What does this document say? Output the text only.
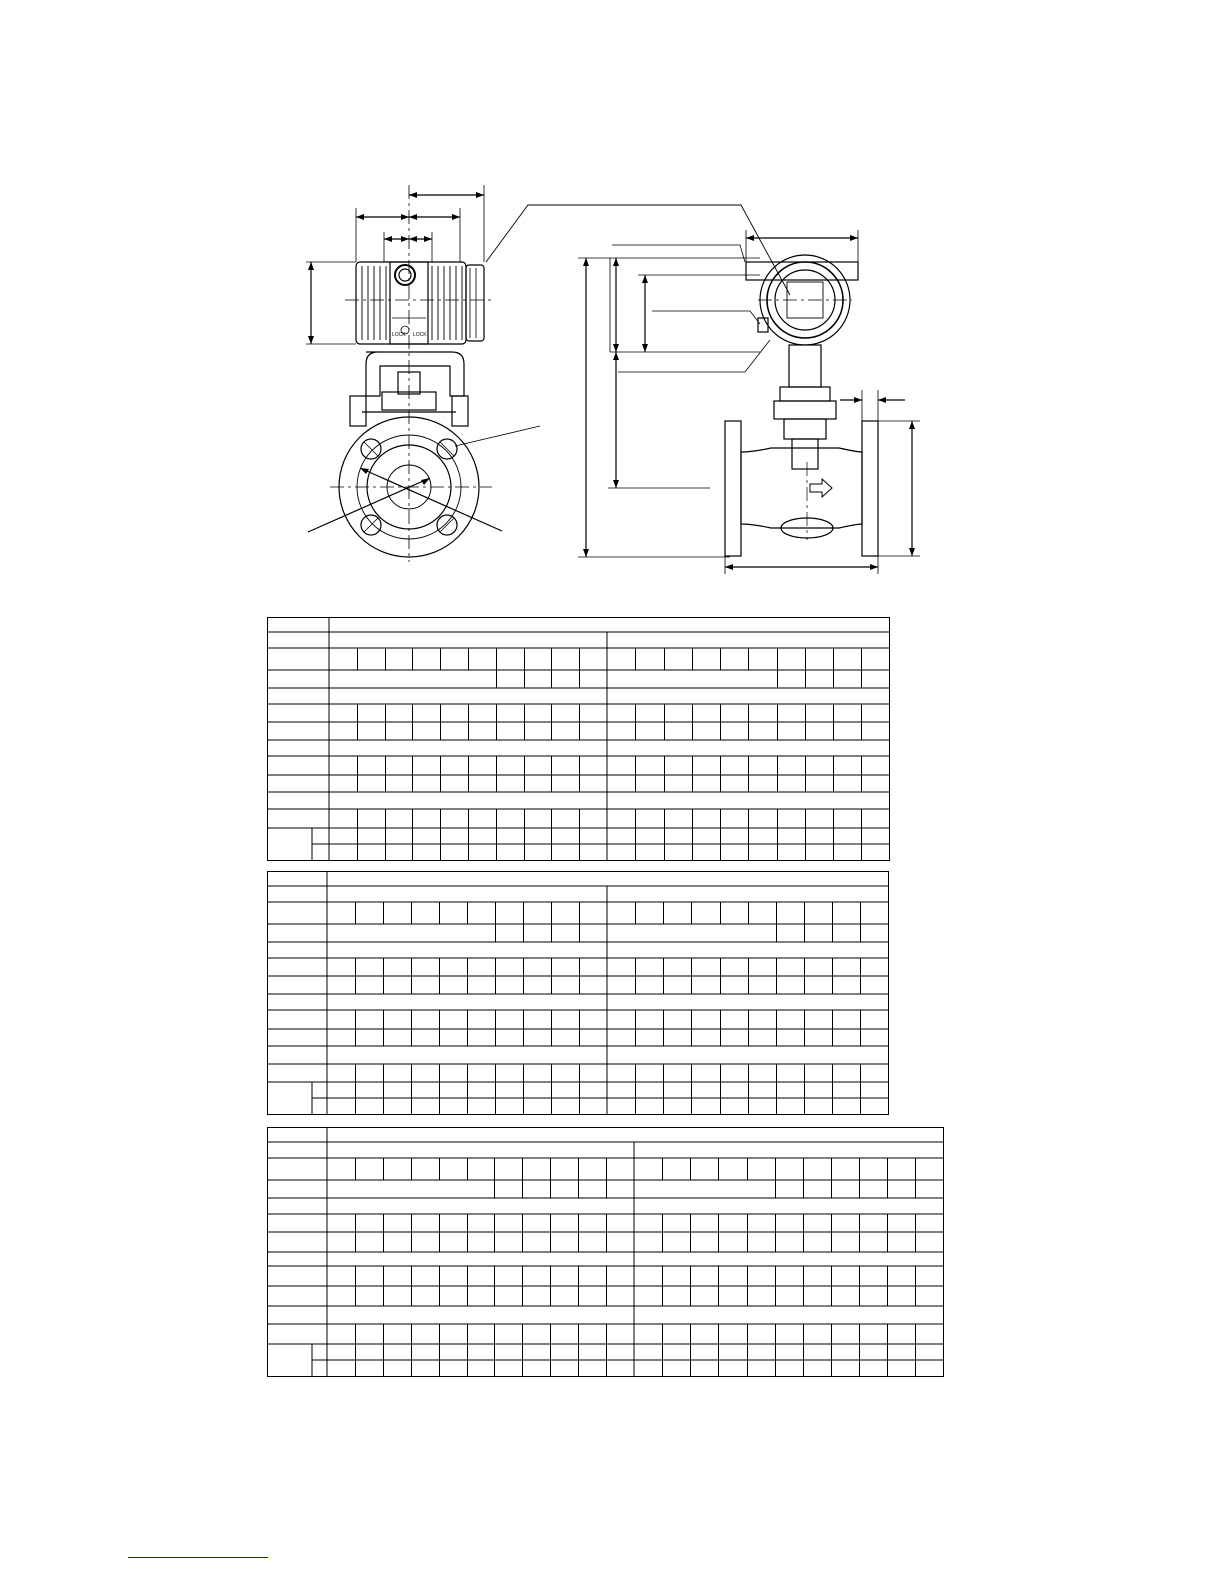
LOCK LOCK
